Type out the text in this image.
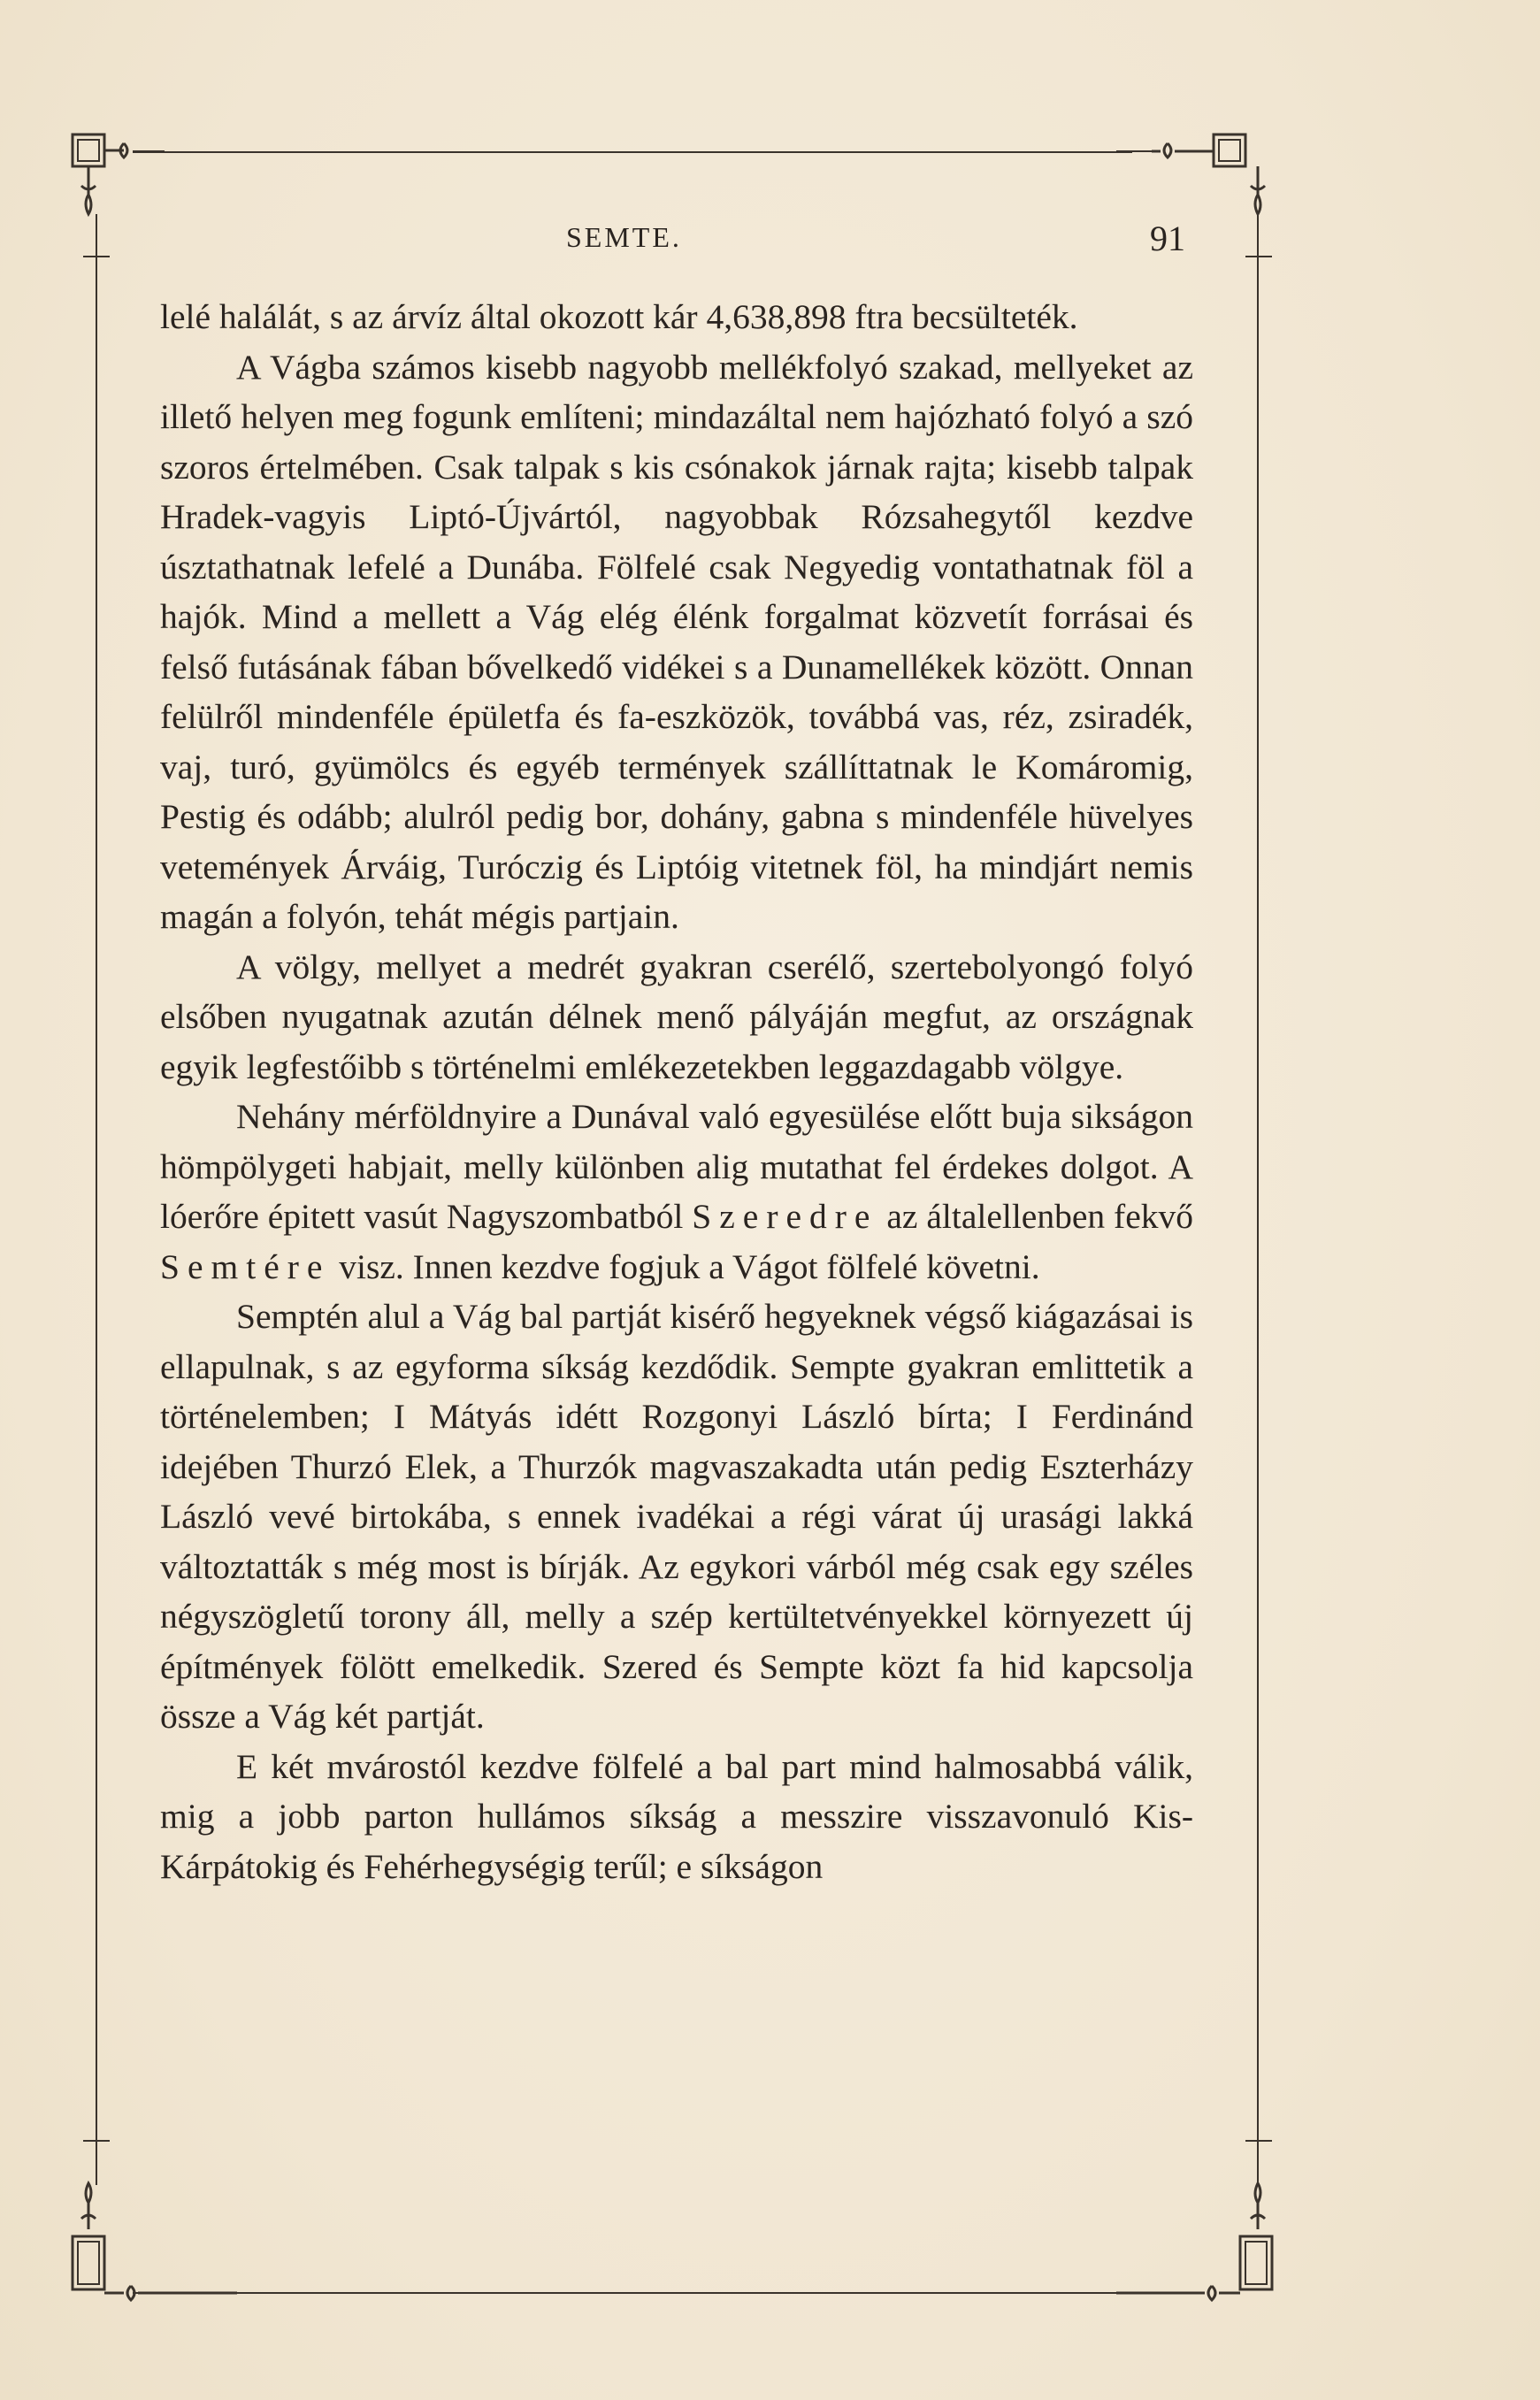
SEMTE.	91

lelé halálát, s az árvíz által okozott kár 4,638,898 ftra becsülteték.

A Vágba számos kisebb nagyobb mellékfolyó szakad, mellyeket az illető helyen meg fogunk említeni; mindazáltal nem hajózható folyó a szó szoros értelmében. Csak talpak s kis csónakok járnak rajta; kisebb talpak Hradek-vagyis Liptó-Újvártól, nagyobbak Rózsahegytől kezdve úsztathatnak lefelé a Dunába. Fölfelé csak Negyedig vontathatnak föl a hajók. Mind a mellett a Vág elég élénk forgalmat közvetít forrásai és felső futásának fában bővelkedő vidékei s a Dunamellékek között. Onnan felülről mindenféle épületfa és fa-eszközök, továbbá vas, réz, zsiradék, vaj, turó, gyümölcs és egyéb termények szállíttatnak le Komáromig, Pestig és odább; alulról pedig bor, dohány, gabna s mindenféle hüvelyes vetemények Árváig, Turóczig és Liptóig vitetnek föl, ha mindjárt nemis magán a folyón, tehát mégis partjain.

A völgy, mellyet a medrét gyakran cserélő, szertebolyongó folyó elsőben nyugatnak azután délnek menő pályáján megfut, az országnak egyik legfestőibb s történelmi emlékezetekben leggazdagabb völgye.

Nehány mérföldnyire a Dunával való egyesülése előtt buja sikságon hömpölygeti habjait, melly különben alig mutathat fel érdekes dolgot. A lóerőre épitett vasút Nagyszombatból Szeredre az általellenben fekvő Semtére visz. Innen kezdve fogjuk a Vágot fölfelé követni.

Semptén alul a Vág bal partját kisérő hegyeknek végső kiágazásai is ellapulnak, s az egyforma síkság kezdődik. Sempte gyakran emlittetik a történelemben; I Mátyás idétt Rozgonyi László bírta; I Ferdinánd idejében Thurzó Elek, a Thurzók magvaszakadta után pedig Eszterházy László vevé birtokába, s ennek ivadékai a régi várat új urasági lakká változtatták s még most is bírják. Az egykori várból még csak egy széles négyszögletű torony áll, melly a szép kertültetvényekkel környezett új építmények fölött emelkedik. Szered és Sempte közt fa hid kapcsolja össze a Vág két partját.

E két mvárostól kezdve fölfelé a bal part mind halmosabbá válik, mig a jobb parton hullámos síkság a messzire visszavonuló Kis-Kárpátokig és Fehérhegységig terűl; e síkságon
